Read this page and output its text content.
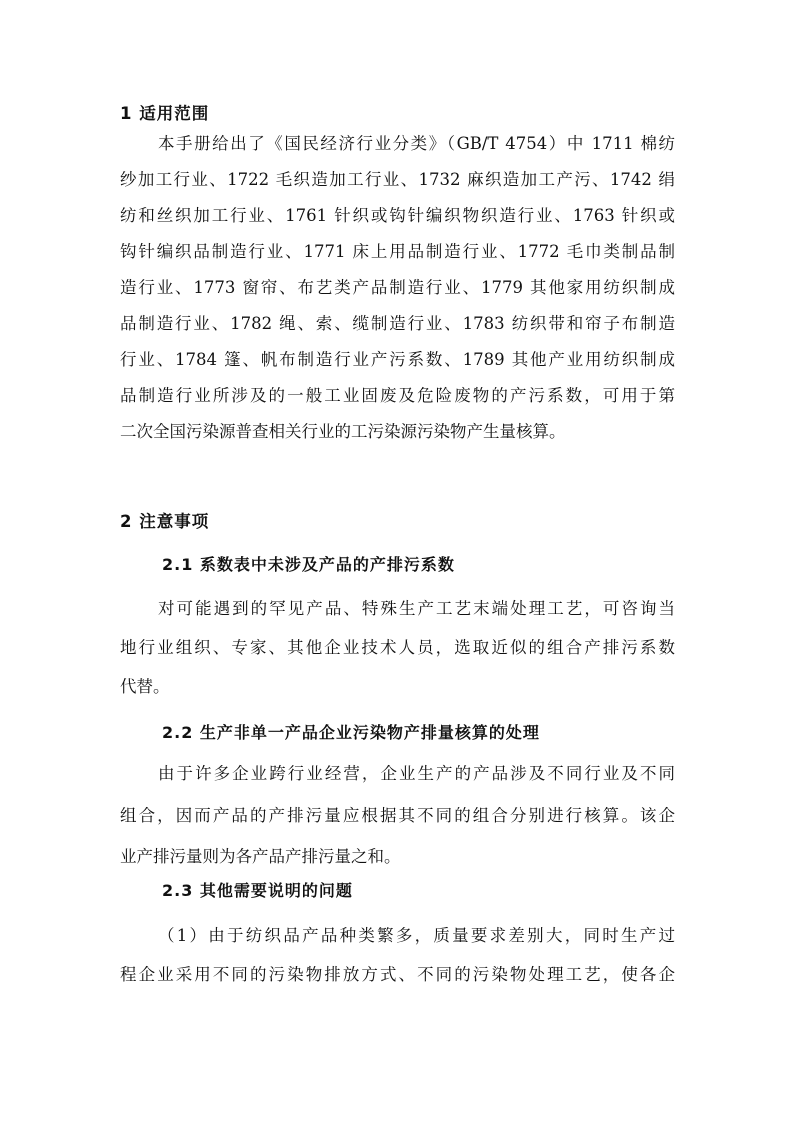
1 适用范围
本手册给出了《国民经济行业分类》（GB/T 4754）中 1711 棉纺
纱加工行业、1722 毛织造加工行业、1732 麻织造加工产污、1742 绢
纺和丝织加工行业、1761 针织或钩针编织物织造行业、1763 针织或
钩针编织品制造行业、1771 床上用品制造行业、1772 毛巾类制品制
造行业、1773 窗帘、布艺类产品制造行业、1779 其他家用纺织制成
品制造行业、1782 绳、索、缆制造行业、1783 纺织带和帘子布制造
行业、1784 篷、帆布制造行业产污系数、1789 其他产业用纺织制成
品制造行业所涉及的一般工业固废及危险废物的产污系数，可用于第
二次全国污染源普查相关行业的工污染源污染物产生量核算。
2 注意事项
2.1 系数表中未涉及产品的产排污系数
对可能遇到的罕见产品、特殊生产工艺末端处理工艺，可咨询当
地行业组织、专家、其他企业技术人员，选取近似的组合产排污系数
代替。
2.2 生产非单一产品企业污染物产排量核算的处理
由于许多企业跨行业经营，企业生产的产品涉及不同行业及不同
组合，因而产品的产排污量应根据其不同的组合分别进行核算。该企
业产排污量则为各产品产排污量之和。
2.3 其他需要说明的问题
（1）由于纺织品产品种类繁多，质量要求差别大，同时生产过
程企业采用不同的污染物排放方式、不同的污染物处理工艺，使各企
